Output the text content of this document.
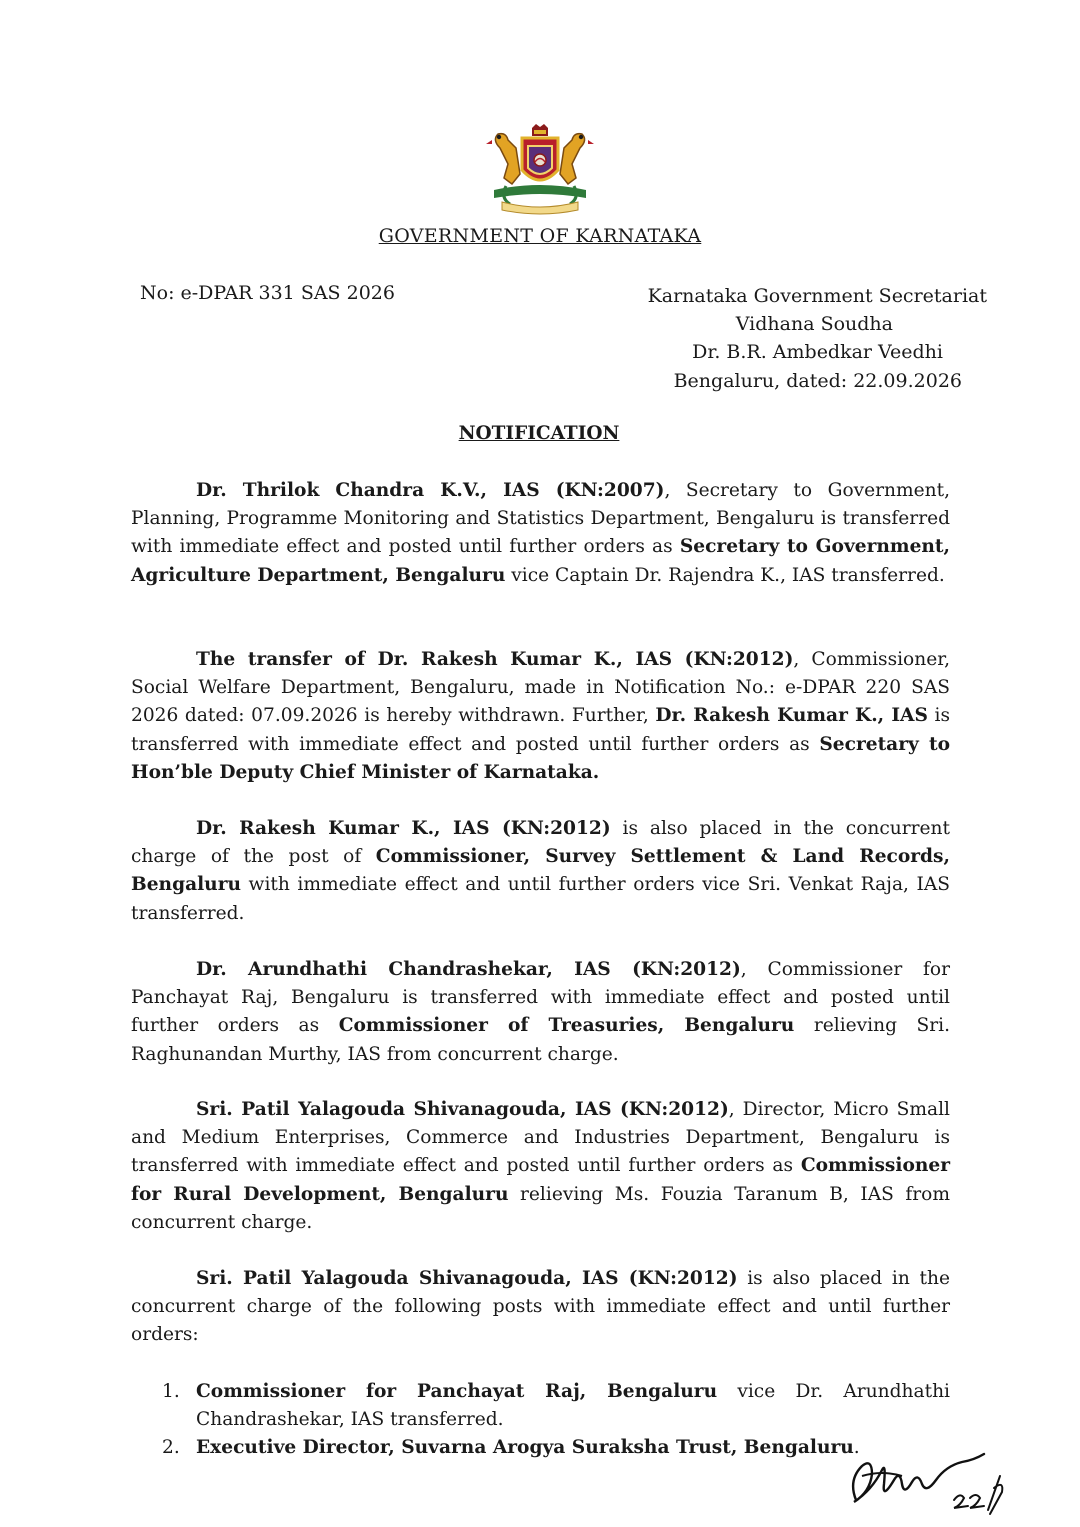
GOVERNMENT OF KARNATAKA
No: e-DPAR 331 SAS 2026	Karnataka Government Secretariat
Vidhana Soudha
Dr. B.R. Ambedkar Veedhi
Bengaluru, dated: 22.09.2026
NOTIFICATION

Dr. Thrilok Chandra K.V., IAS (KN:2007), Secretary to Government, Planning, Programme Monitoring and Statistics Department, Bengaluru is transferred with immediate effect and posted until further orders as Secretary to Government, Agriculture Department, Bengaluru vice Captain Dr. Rajendra K., IAS transferred.

The transfer of Dr. Rakesh Kumar K., IAS (KN:2012), Commissioner, Social Welfare Department, Bengaluru, made in Notification No.: e-DPAR 220 SAS 2026 dated: 07.09.2026 is hereby withdrawn. Further, Dr. Rakesh Kumar K., IAS is transferred with immediate effect and posted until further orders as Secretary to Hon’ble Deputy Chief Minister of Karnataka.

Dr. Rakesh Kumar K., IAS (KN:2012) is also placed in the concurrent charge of the post of Commissioner, Survey Settlement & Land Records, Bengaluru with immediate effect and until further orders vice Sri. Venkat Raja, IAS transferred.

Dr. Arundhathi Chandrashekar, IAS (KN:2012), Commissioner for Panchayat Raj, Bengaluru is transferred with immediate effect and posted until further orders as Commissioner of Treasuries, Bengaluru relieving Sri. Raghunandan Murthy, IAS from concurrent charge.

Sri. Patil Yalagouda Shivanagouda, IAS (KN:2012), Director, Micro Small and Medium Enterprises, Commerce and Industries Department, Bengaluru is transferred with immediate effect and posted until further orders as Commissioner for Rural Development, Bengaluru relieving Ms. Fouzia Taranum B, IAS from concurrent charge.

Sri. Patil Yalagouda Shivanagouda, IAS (KN:2012) is also placed in the concurrent charge of the following posts with immediate effect and until further orders:

1. Commissioner for Panchayat Raj, Bengaluru vice Dr. Arundhathi Chandrashekar, IAS transferred.
2. Executive Director, Suvarna Arogya Suraksha Trust, Bengaluru.
